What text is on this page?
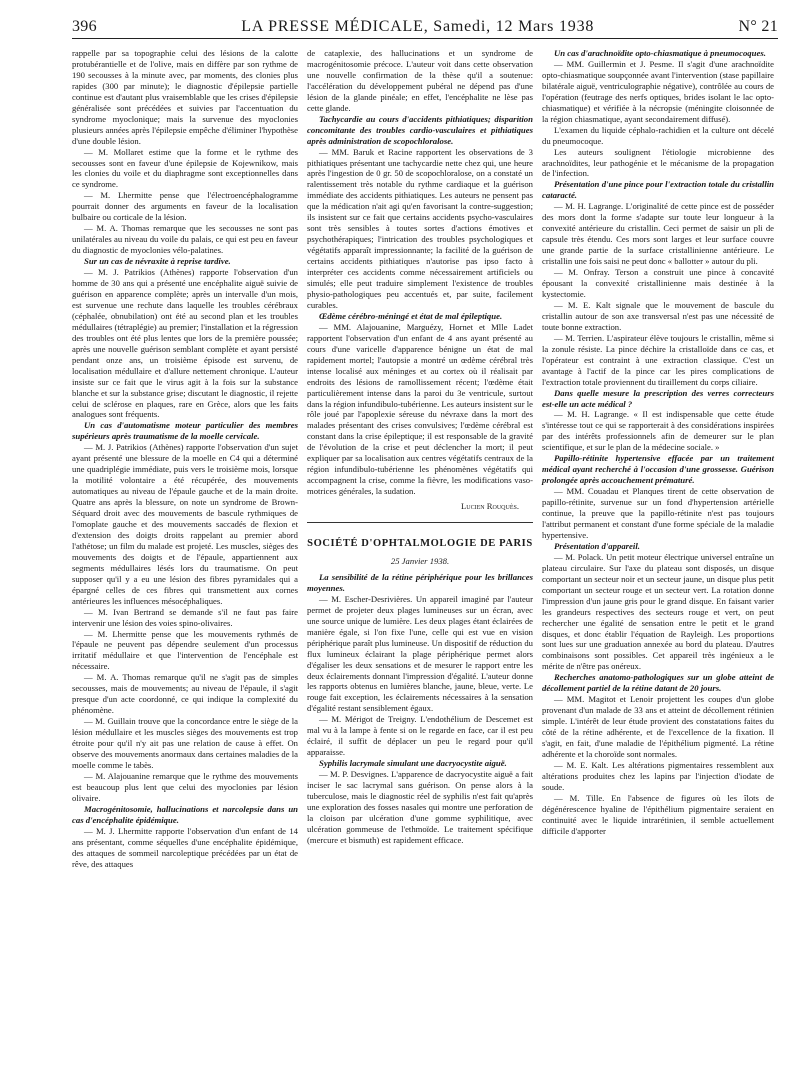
396	LA PRESSE MÉDICALE, Samedi, 12 Mars 1938	N° 21

rappelle par sa topographie celui des lésions de la calotte protubérantielle et de l'olive, mais en diffère par son rythme de 190 secousses à la minute avec, par moments, des clonies plus rapides (300 par minute); le diagnostic d'épilepsie partielle continue est d'autant plus vraisemblable que les crises d'épilepsie généralisée sont précédées et suivies par l'accentuation du syndrome myoclonique; mais la survenue des myoclonies plusieurs années après l'épilepsie empêche d'éliminer l'hypothèse d'une double lésion.

— M. Mollaret estime que la forme et le rythme des secousses sont en faveur d'une épilepsie de Kojewnikow, mais les clonies du voile et du diaphragme sont exceptionnelles dans ce syndrome.

— M. Lhermitte pense que l'électroencéphalogramme pourrait donner des arguments en faveur de la localisation bulbaire ou corticale de la lésion.

— M. A. Thomas remarque que les secousses ne sont pas unilatérales au niveau du voile du palais, ce qui est peu en faveur du diagnostic de myoclonies vélo-palatines.

Sur un cas de névraxite à reprise tardive.

— M. J. Patrikios (Athènes) rapporte l'observation d'un homme de 30 ans qui a présenté une encéphalite aiguë suivie de guérison en apparence complète; après un intervalle d'un mois, est survenue une rechute dans laquelle les troubles cérébraux (céphalée, obnubilation) ont été au second plan et les troubles médullaires (tétraplégie) au premier; l'installation et la régression des troubles ont été plus lentes que lors de la première poussée; après une nouvelle guérison semblant complète et ayant persisté pendant onze ans, un troisième épisode est survenu, de localisation médullaire et d'allure nettement chronique. L'auteur insiste sur ce fait que le virus agit à la fois sur la substance blanche et sur la substance grise; discutant le diagnostic, il rejette celui de sclérose en plaques, rare en Grèce, alors que les faits analogues sont fréquents.

Un cas d'automatisme moteur particulier des membres supérieurs après traumatisme de la moelle cervicale.

— M. J. Patrikios (Athènes) rapporte l'observation d'un sujet ayant présenté une blessure de la moelle en C4 qui a déterminé une quadriplégie immédiate, puis vers le troisième mois, lorsque la motilité volontaire a été récupérée, des mouvements automatiques au niveau de l'épaule gauche et de la main droite. Quatre ans après la blessure, on note un syndrome de Brown-Séquard droit avec des mouvements de bascule rythmiques de l'omoplate gauche et des mouvements saccadés de flexion et d'extension des doigts droits rappelant au premier abord l'athétose; un film du malade est projeté. Les muscles, sièges des mouvements des doigts et de l'épaule, appartiennent aux segments médullaires lésés lors du traumatisme. On peut supposer qu'il y a eu une lésion des fibres pyramidales qui a épargné celles de ces fibres qui transmettent aux cornes antérieures les influences mésocéphaliques.

— M. Ivan Bertrand se demande s'il ne faut pas faire intervenir une lésion des voies spino-olivaires.

— M. Lhermitte pense que les mouvements rythmés de l'épaule ne peuvent pas dépendre seulement d'un processus irritatif médullaire et que l'intervention de l'encéphale est nécessaire.

— M. A. Thomas remarque qu'il ne s'agit pas de simples secousses, mais de mouvements; au niveau de l'épaule, il s'agit presque d'un acte coordonné, ce qui indique la complexité du phénomène.

— M. Guillain trouve que la concordance entre le siège de la lésion médullaire et les muscles sièges des mouvements est trop étroite pour qu'il n'y ait pas une relation de cause à effet. On observe des mouvements anormaux dans certaines maladies de la moelle comme le tabès.

— M. Alajouanine remarque que le rythme des mouvements est beaucoup plus lent que celui des myoclonies par lésion olivaire.

Macrogénitosomie, hallucinations et narcolepsie dans un cas d'encéphalite épidémique.

— M. J. Lhermitte rapporte l'observation d'un enfant de 14 ans présentant, comme séquelles d'une encéphalite épidémique, des attaques de sommeil narcoleptique précédées par un état de rêve, des attaques

de cataplexie, des hallucinations et un syndrome de macrogénitosomie précoce. L'auteur voit dans cette observation une nouvelle confirmation de la thèse qu'il a soutenue: l'accélération du développement pubéral ne dépend pas d'une lésion de la glande pinéale; en effet, l'encéphalite ne lèse pas cette glande.

Tachycardie au cours d'accidents pithiatiques; disparition concomitante des troubles cardio-vasculaires et pithiatiques après administration de scopochloralose.

— MM. Baruk et Racine rapportent les observations de 3 pithiatiques présentant une tachycardie nette chez qui, une heure après l'ingestion de 0 gr. 50 de scopochloralose, on a constaté un ralentissement très notable du rythme cardiaque et la guérison immédiate des accidents pithiatiques. Les auteurs ne pensent pas que la médication n'ait agi qu'en favorisant la contre-suggestion; ils insistent sur ce fait que certains accidents psycho-vasculaires sont très sensibles à toutes sortes d'actions émotives et psychothérapiques; l'intrication des troubles psychologiques et végétatifs apparaît impressionnante; la facilité de la guérison de certains accidents pithiatiques n'autorise pas ipso facto à interpréter ces accidents comme nécessairement artificiels ou simulés; elle peut traduire simplement l'existence de troubles physio-pathologiques peu accentués et, par suite, facilement curables.

Œdème cérébro-méningé et état de mal épileptique.

— MM. Alajouanine, Marguézy, Hornet et Mlle Ladet rapportent l'observation d'un enfant de 4 ans ayant présenté au cours d'une varicelle d'apparence bénigne un état de mal rapidement mortel; l'autopsie a montré un œdème cérébral très intense localisé aux méninges et au cortex où il réalisait par endroits des lésions de ramollissement récent; l'œdème était particulièrement intense dans la paroi du 3e ventricule, surtout dans la région infundibulo-tubérienne. Les auteurs insistent sur le rôle joué par l'apoplexie séreuse du névraxe dans la mort des malades présentant des crises convulsives; l'œdème cérébral est constant dans la crise épileptique; il est responsable de la gravité de l'évolution de la crise et peut déclencher la mort; il peut expliquer par sa localisation aux centres végétatifs centraux de la région infundibulo-tubérienne les phénomènes végétatifs qui accompagnent la crise, comme la fièvre, les modifications vaso-motrices générales, la sudation.

Lucien Rouquès.

SOCIÉTÉ D'OPHTALMOLOGIE DE PARIS

25 Janvier 1938.

La sensibilité de la rétine périphérique pour les brillances moyennes.

— M. Escher-Desrivières. Un appareil imaginé par l'auteur permet de projeter deux plages lumineuses sur un écran, avec une source unique de lumière. Les deux plages étant éclairées de manière égale, si l'on fixe l'une, celle qui est vue en vision périphérique paraît plus lumineuse. Un dispositif de réduction du flux lumineux éclairant la plage périphérique permet alors d'égaliser les deux sensations et de mesurer le rapport entre les deux éclairements donnant l'impression d'égalité. L'auteur donne les rapports obtenus en lumières blanche, jaune, bleue, verte. Le rouge fait exception, les éclairements nécessaires à la sensation d'égalité restant sensiblement égaux.

— M. Mérigot de Treigny. L'endothélium de Descemet est mal vu à la lampe à fente si on le regarde en face, car il est peu éclairé, il suffit de déplacer un peu le regard pour qu'il apparaisse.

Syphilis lacrymale simulant une dacryocystite aiguë.

— M. P. Desvignes. L'apparence de dacryocystite aiguë a fait inciser le sac lacrymal sans guérison. On pense alors à la tuberculose, mais le diagnostic réel de syphilis n'est fait qu'après une exploration des fosses nasales qui montre une perforation de la cloison par ulcération d'une gomme syphilitique, avec ulcération gommeuse de l'ethmoïde. Le traitement spécifique (mercure et bismuth) est rapidement efficace.

Un cas d'arachnoïdite opto-chiasmatique à pneumocoques.

— MM. Guillermin et J. Pesme. Il s'agit d'une arachnoïdite opto-chiasmatique soupçonnée avant l'intervention (stase papillaire bilatérale aiguë, ventriculographie négative), contrôlée au cours de l'opération (feutrage des nerfs optiques, brides isolant le lac opto-chiasmatique) et vérifiée à la nécropsie (méningite cloisonnée de la région chiasmatique, ayant secondairement diffusé).

L'examen du liquide céphalo-rachidien et la culture ont décelé du pneumocoque.

Les auteurs soulignent l'étiologie microbienne des arachnoïdites, leur pathogénie et le mécanisme de la propagation de l'infection.

Présentation d'une pince pour l'extraction totale du cristallin cataracté.

— M. H. Lagrange. L'originalité de cette pince est de posséder des mors dont la forme s'adapte sur toute leur longueur à la convexité antérieure du cristallin. Ceci permet de saisir un pli de capsule très étendu. Ces mors sont larges et leur surface couvre une grande partie de la surface cristallinienne antérieure. Le cristallin une fois saisi ne peut donc « ballotter » autour du pli.

— M. Onfray. Terson a construit une pince à concavité épousant la convexité cristallinienne mais destinée à la kystectomie.

— M. E. Kalt signale que le mouvement de bascule du cristallin autour de son axe transversal n'est pas une nécessité de toute bonne extraction.

— M. Terrien. L'aspirateur élève toujours le cristallin, même si la zonule résiste. La pince déchire la cristalloïde dans ce cas, et l'opérateur est contraint à une extraction classique. C'est un avantage à l'actif de la pince car les pires complications de l'extraction totale proviennent du tiraillement du corps ciliaire.

Dans quelle mesure la prescription des verres correcteurs est-elle un acte médical ?

— M. H. Lagrange. « Il est indispensable que cette étude s'intéresse tout ce qui se rapporterait à des considérations inspirées par des intérêts professionnels afin de demeurer sur le plan scientifique, et sur le plan de la médecine sociale. »

Papillo-rétinite hypertensive effacée par un traitement médical ayant recherché à l'occasion d'une grossesse. Guérison prolongée après accouchement prématuré.

— MM. Couadau et Planques tirent de cette observation de papillo-rétinite, survenue sur un fond d'hypertension artérielle continue, la preuve que la papillo-rétinite n'est pas toujours l'attribut permanent et constant d'une forme spéciale de la maladie hypertensive.

Présentation d'appareil.

— M. Polack. Un petit moteur électrique universel entraîne un plateau circulaire. Sur l'axe du plateau sont disposés, un disque comportant un secteur noir et un secteur jaune, un disque plus petit comportant un secteur rouge et un secteur vert. La rotation donne l'impression d'un jaune gris pour le grand disque. En faisant varier les grandeurs respectives des secteurs rouge et vert, on peut rechercher une égalité de sensation entre le petit et le grand disques, et donc établir l'équation de Rayleigh. Les proportions sont lues sur une graduation annexée au bord du plateau. D'autres combinaisons sont possibles. Cet appareil très ingénieux a le mérite de n'être pas onéreux.

Recherches anatomo-pathologiques sur un globe atteint de décollement partiel de la rétine datant de 20 jours.

— MM. Magitot et Lenoir projettent les coupes d'un globe provenant d'un malade de 33 ans et atteint de décollement rétinien simple. L'intérêt de leur étude provient des constatations faites du côté de la rétine adhérente, et de l'excellence de la fixation. Il s'agit, en fait, d'une maladie de l'épithélium pigmenté. La rétine adhérente et la choroïde sont normales.

— M. E. Kalt. Les altérations pigmentaires ressemblent aux altérations produites chez les lapins par l'injection d'iodate de soude.

— M. Tille. En l'absence de figures où les îlots de dégénérescence hyaline de l'épithélium pigmentaire seraient en continuité avec le liquide intrarétinien, il semble actuellement difficile d'apporter
